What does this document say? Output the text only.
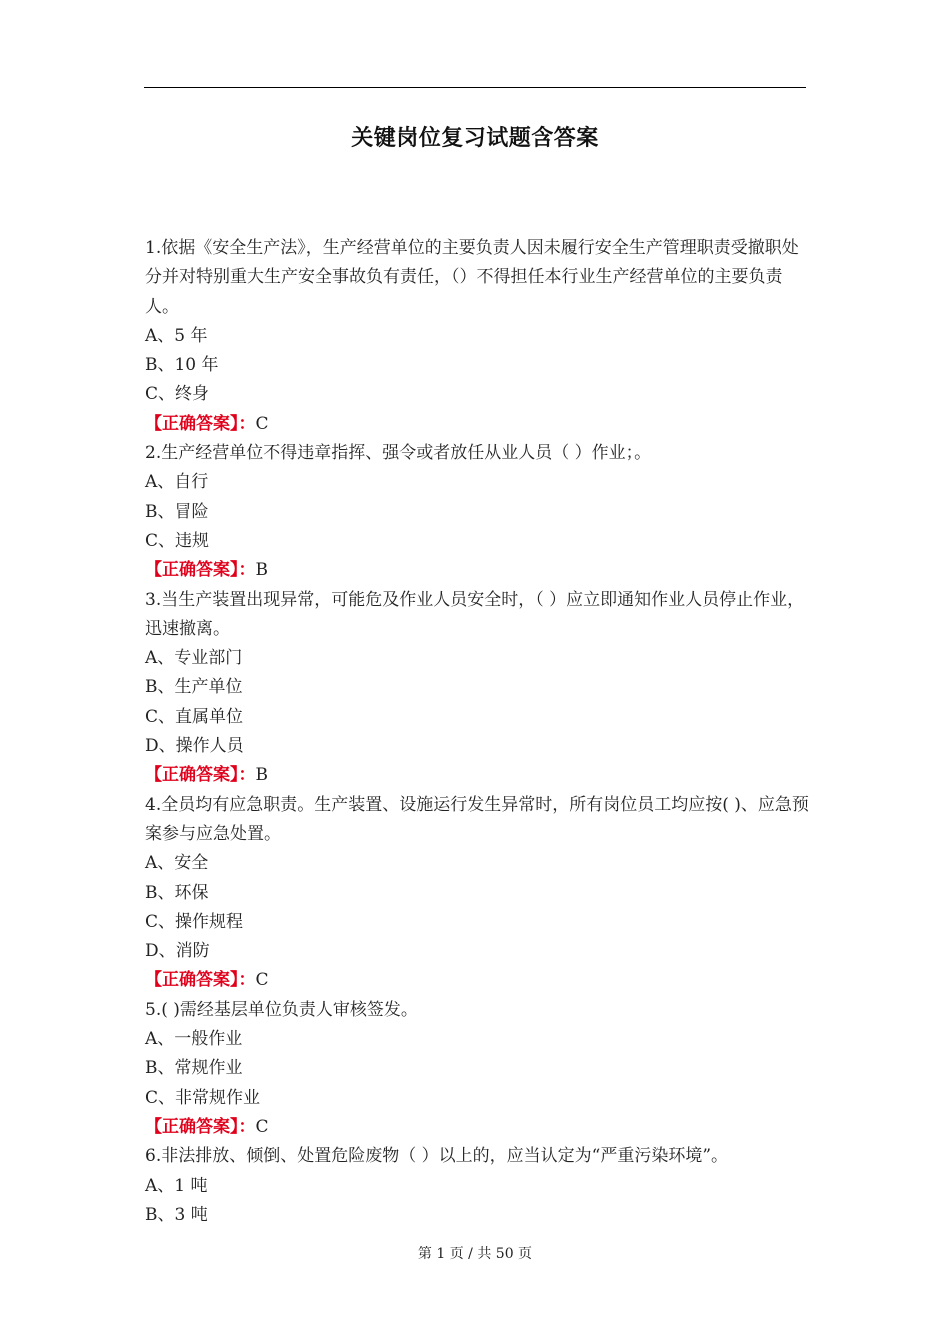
关键岗位复习试题含答案

1.依据《安全生产法》，生产经营单位的主要负责人因未履行安全生产管理职责受撤职处分并对特别重大生产安全事故负有责任，（）不得担任本行业生产经营单位的主要负责人。

A、5 年

B、10 年

C、终身

【正确答案】：C

2.生产经营单位不得违章指挥、强令或者放任从业人员（ ）作业；。

A、自行

B、冒险

C、违规

【正确答案】：B

3.当生产装置出现异常，可能危及作业人员安全时，（ ）应立即通知作业人员停止作业，迅速撤离。

A、专业部门

B、生产单位

C、直属单位

D、操作人员

【正确答案】：B

4.全员均有应急职责。生产装置、设施运行发生异常时，所有岗位员工均应按( )、应急预案参与应急处置。

A、安全

B、环保

C、操作规程

D、消防

【正确答案】：C

5.( )需经基层单位负责人审核签发。

A、一般作业

B、常规作业

C、非常规作业

【正确答案】：C

6.非法排放、倾倒、处置危险废物（ ）以上的，应当认定为“严重污染环境”。

A、1 吨

B、3 吨

第 1 页 / 共 50 页
